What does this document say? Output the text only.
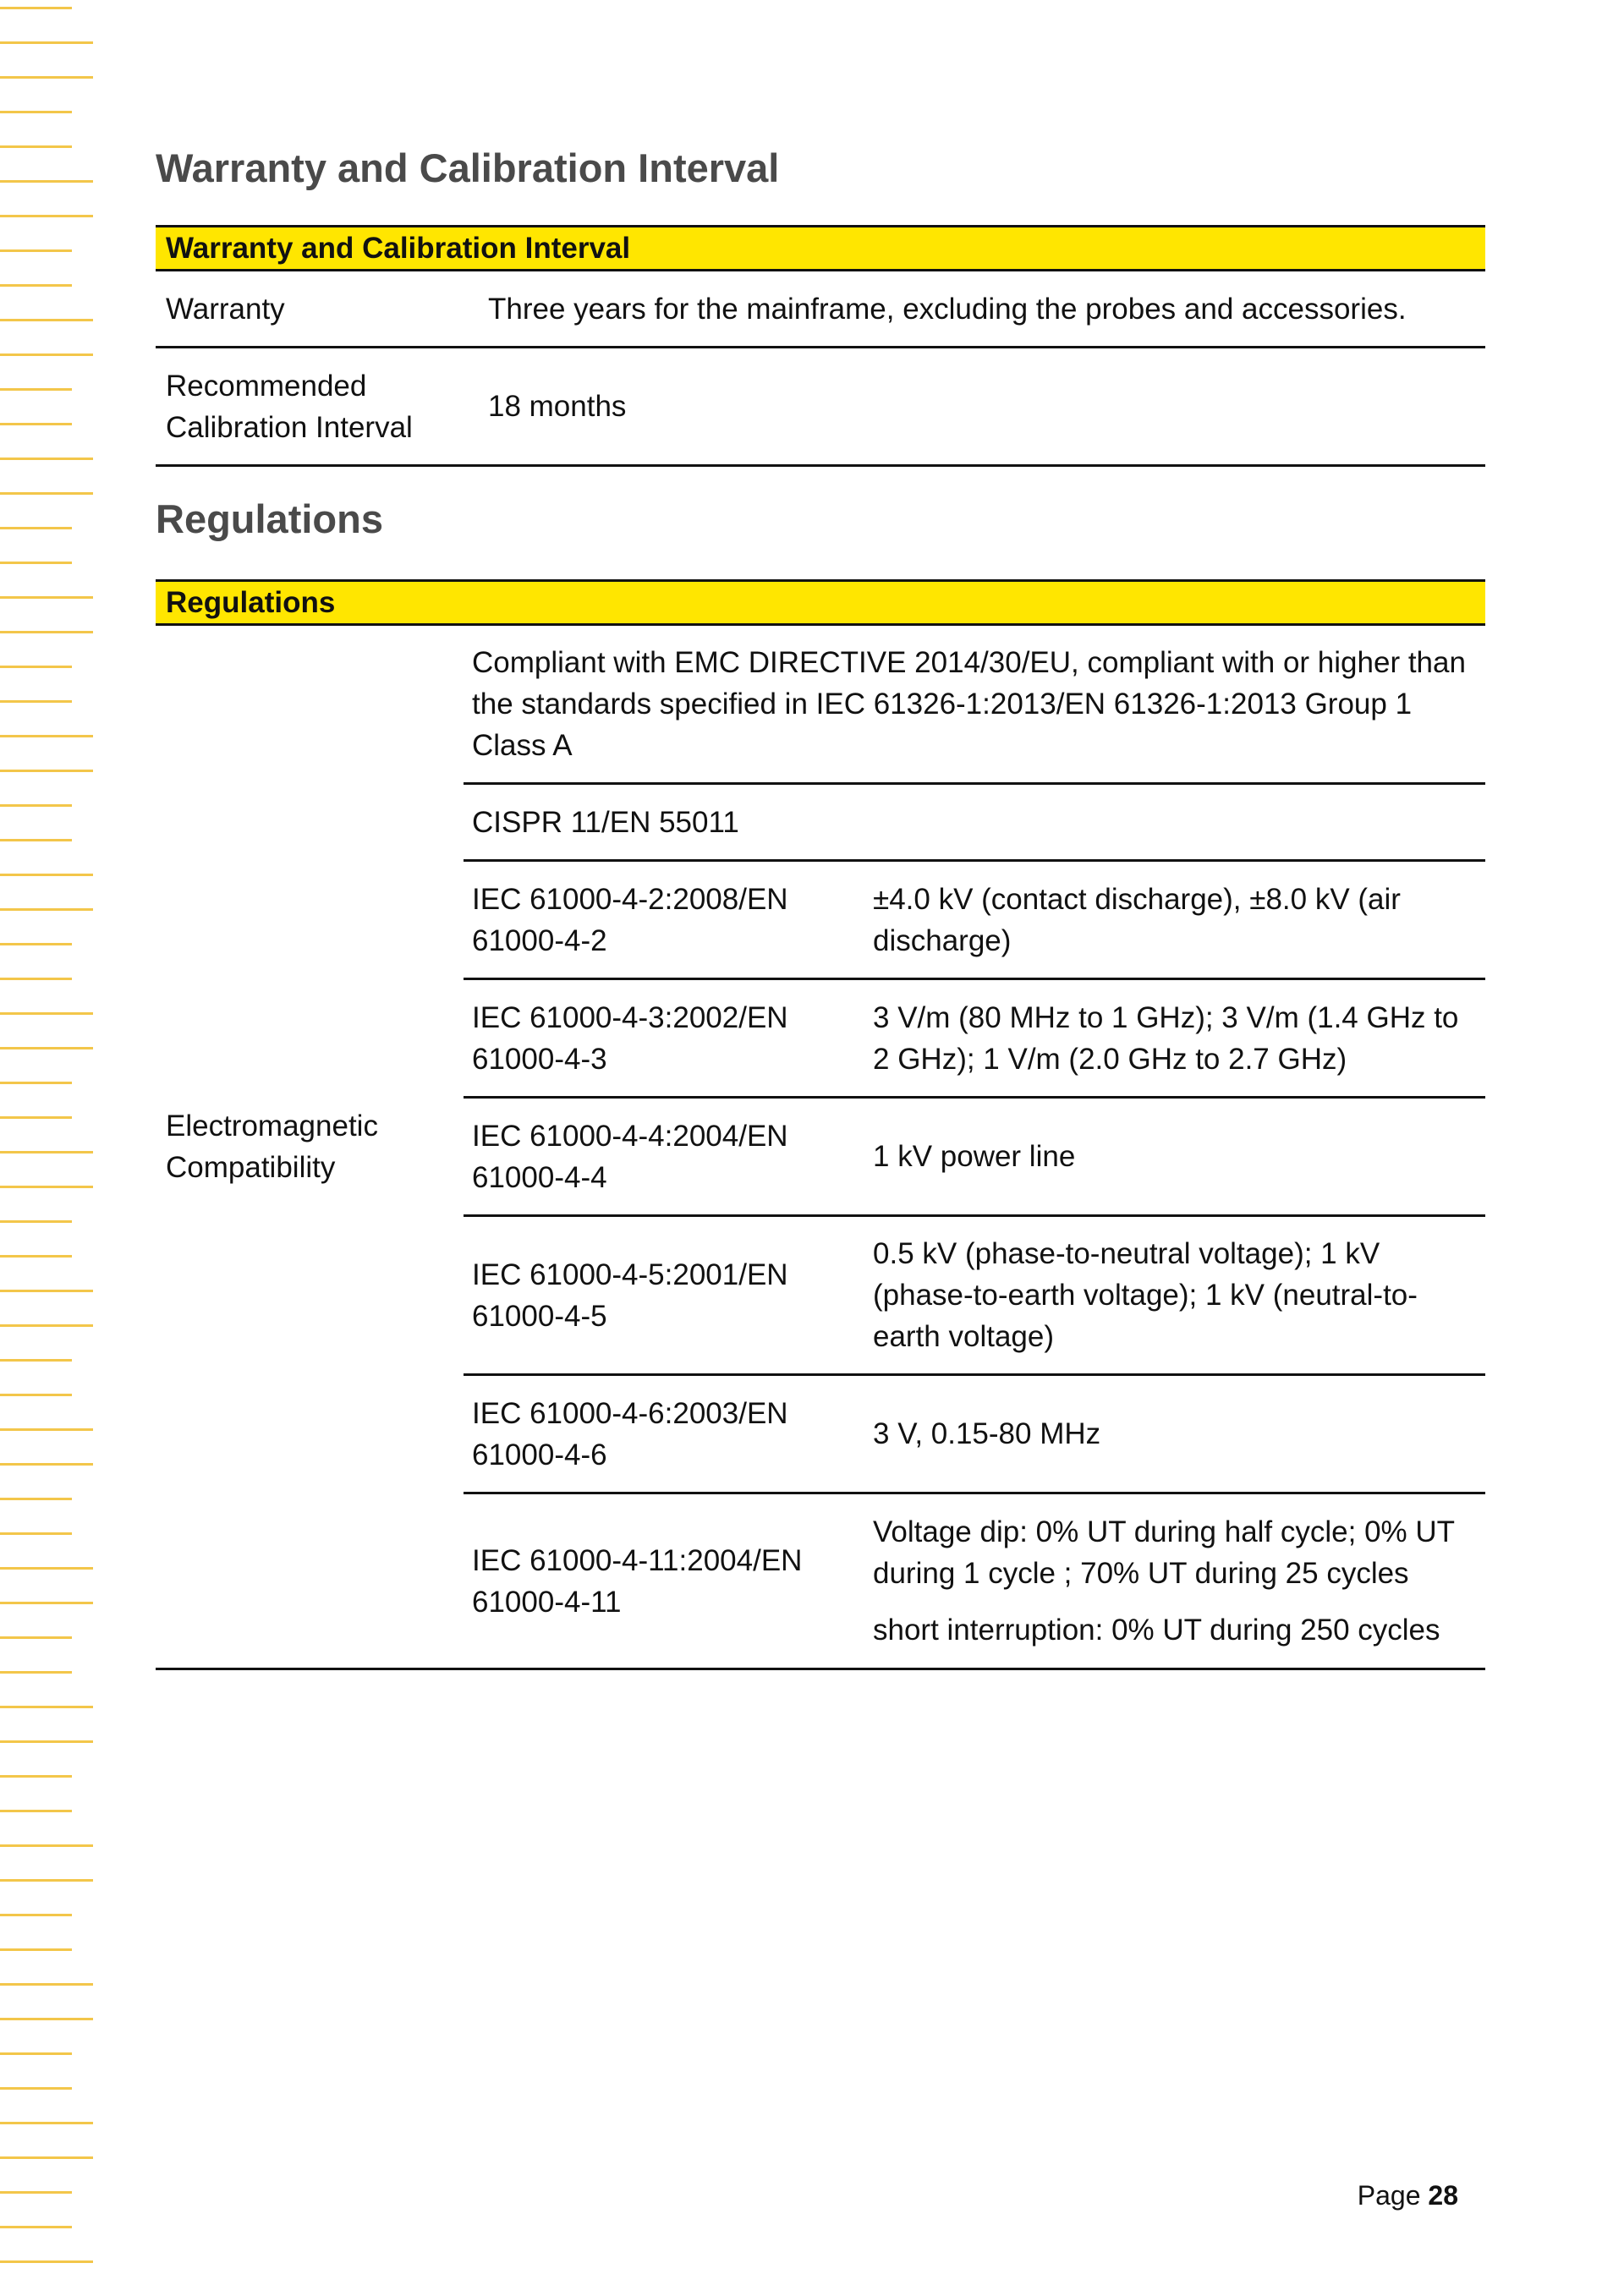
Warranty and Calibration Interval
Warranty and Calibration Interval
Warranty	Three years for the mainframe, excluding the probes and accessories.
Recommended Calibration Interval
18 months
Regulations
Regulations
Electromagnetic Compatibility
Compliant with EMC DIRECTIVE 2014/30/EU, compliant with or higher than the standards specified in IEC 61326-1:2013/EN 61326-1:2013 Group 1 Class A
CISPR 11/EN 55011
IEC 61000-4-2:2008/EN 61000-4-2
±4.0 kV (contact discharge), ±8.0 kV (air discharge)
IEC 61000-4-3:2002/EN 61000-4-3
3 V/m (80 MHz to 1 GHz); 3 V/m (1.4 GHz to 2 GHz); 1 V/m (2.0 GHz to 2.7 GHz)
IEC 61000-4-4:2004/EN 61000-4-4
1 kV power line
IEC 61000-4-5:2001/EN 61000-4-5
0.5 kV (phase-to-neutral voltage); 1 kV (phase-to-earth voltage); 1 kV (neutral-to-earth voltage)
IEC 61000-4-6:2003/EN 61000-4-6
3 V, 0.15-80 MHz
IEC 61000-4-11:2004/EN 61000-4-11

Voltage dip: 0% UT during half cycle; 0% UT during 1 cycle ; 70% UT during 25 cycles

short interruption: 0% UT during 250 cycles

Page 28
